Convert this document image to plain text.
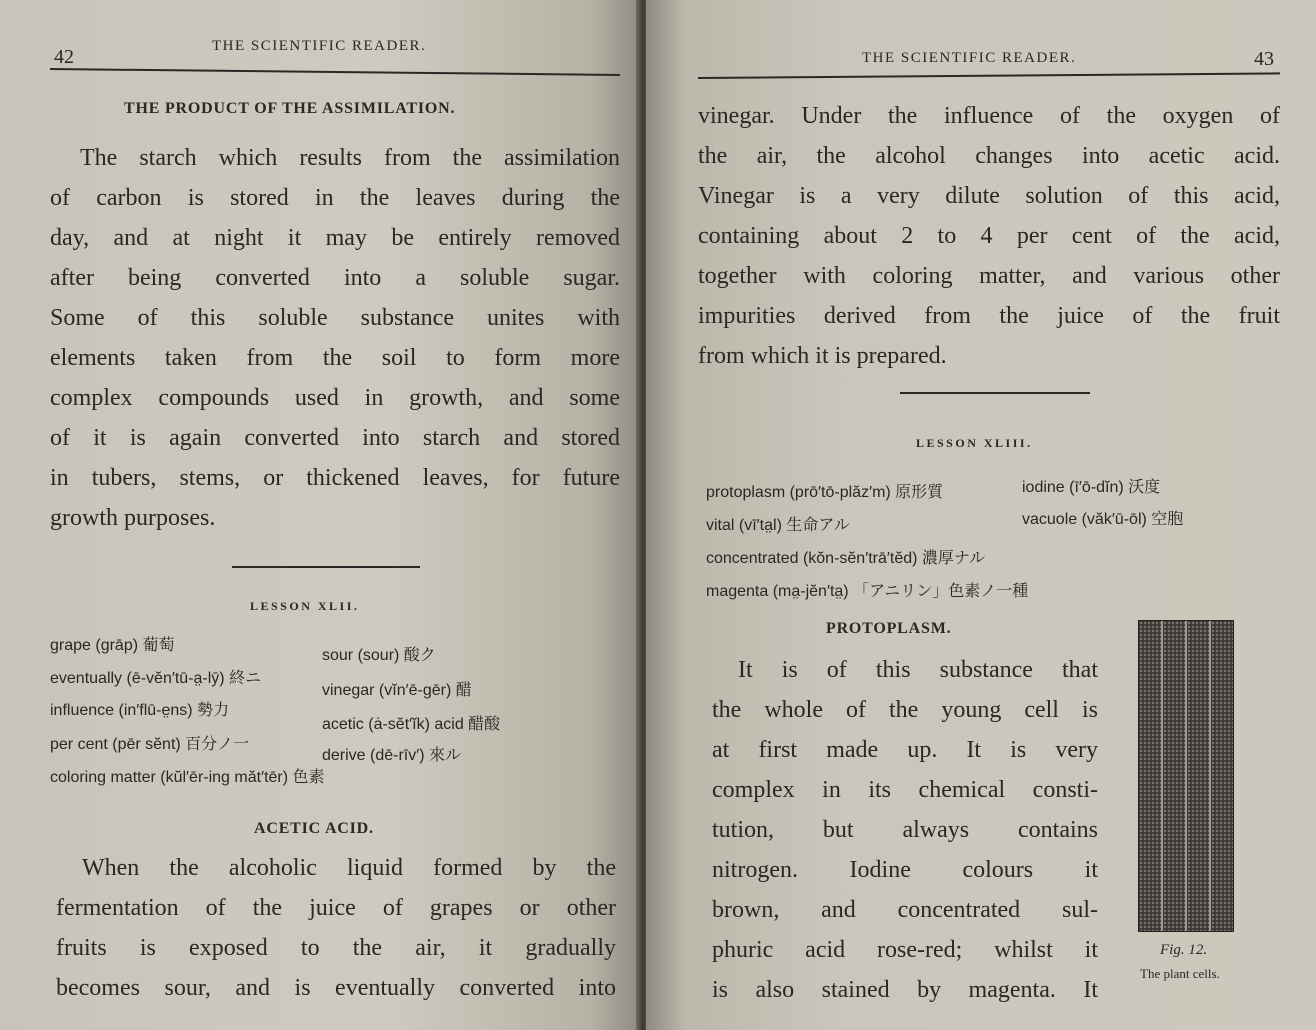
42	THE SCIENTIFIC READER.
THE PRODUCT OF THE ASSIMILATION.
The starch which results from the assimilation
of carbon is stored in the leaves during the
day, and at night it may be entirely removed
after being converted into a soluble sugar.
Some of this soluble substance unites with
elements taken from the soil to form more
complex compounds used in growth, and some
of it is again converted into starch and stored
in tubers, stems, or thickened leaves, for future
growth purposes.
LESSON XLII.
grape (grāp) 葡萄
eventually (ē-vĕn′tū-a̤-lȳ) 終ニ
influence (in′flū-e̤ns) 勢力
per cent (pēr sĕnt) 百分ノ一
coloring matter (kŭl′ēr-ing măt′tēr) 色素
sour (sour) 酸ク
vinegar (vĭn′ē-gēr) 醋
acetic (ȧ-sĕt′ĭk) acid 醋酸
derive (dē-rīv′) 來ル
ACETIC ACID.
When the alcoholic liquid formed by the
fermentation of the juice of grapes or other
fruits is exposed to the air, it gradually
becomes sour, and is eventually converted into
THE SCIENTIFIC READER.	43
vinegar. Under the influence of the oxygen of
the air, the alcohol changes into acetic acid.
Vinegar is a very dilute solution of this acid,
containing about 2 to 4 per cent of the acid,
together with coloring matter, and various other
impurities derived from the juice of the fruit
from which it is prepared.
LESSON XLIII.
protoplasm (prō′tō-plăz′m) 原形質	iodine (ī′ō-dĭn) 沃度
vital (vī′ta̤l) 生命アル	vacuole (văk′ū-ōl) 空胞
concentrated (kŏn-sĕn′trā′tĕd) 濃厚ナル
magenta (ma̤-jĕn′ta̤) 「アニリン」色素ノ一種
PROTOPLASM.
It is of this substance that
the whole of the young cell is
at first made up. It is very
complex in its chemical consti-
tution, but always contains
nitrogen. Iodine colours it
brown, and concentrated sul-
phuric acid rose-red; whilst it
is also stained by magenta. It
Fig. 12.
The plant cells.
